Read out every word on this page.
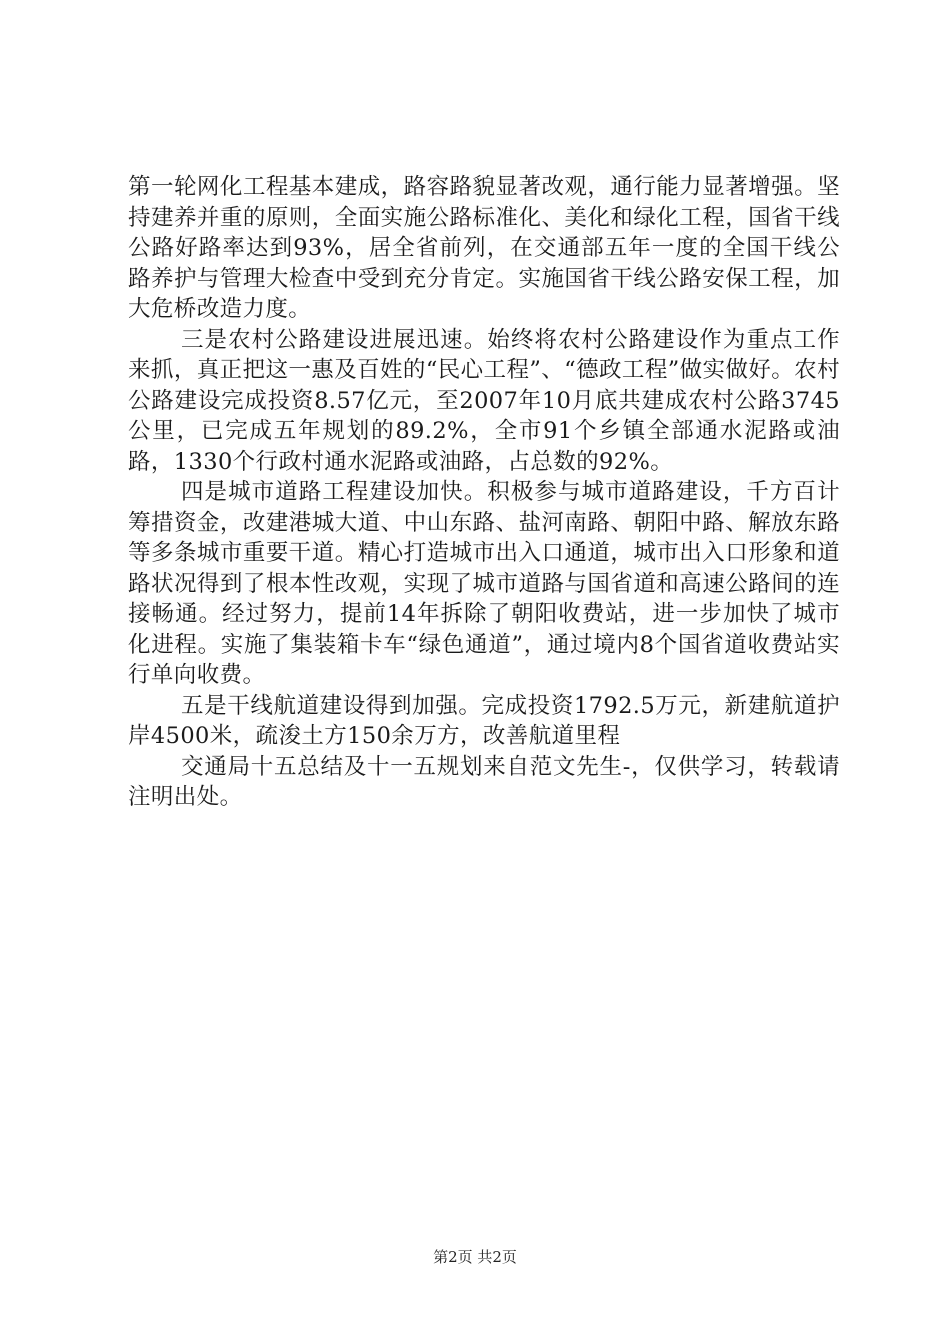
第一轮网化工程基本建成，路容路貌显著改观，通行能力显著增强。坚持建养并重的原则，全面实施公路标准化、美化和绿化工程，国省干线公路好路率达到93%，居全省前列，在交通部五年一度的全国干线公路养护与管理大检查中受到充分肯定。实施国省干线公路安保工程，加大危桥改造力度。

三是农村公路建设进展迅速。始终将农村公路建设作为重点工作来抓，真正把这一惠及百姓的“民心工程”、“德政工程”做实做好。农村公路建设完成投资8.57亿元，至2007年10月底共建成农村公路3745公里，已完成五年规划的89.2%，全市91个乡镇全部通水泥路或油路，1330个行政村通水泥路或油路，占总数的92%。

四是城市道路工程建设加快。积极参与城市道路建设，千方百计筹措资金，改建港城大道、中山东路、盐河南路、朝阳中路、解放东路等多条城市重要干道。精心打造城市出入口通道，城市出入口形象和道路状况得到了根本性改观，实现了城市道路与国省道和高速公路间的连接畅通。经过努力，提前14年拆除了朝阳收费站，进一步加快了城市化进程。实施了集装箱卡车“绿色通道”，通过境内8个国省道收费站实行单向收费。

五是干线航道建设得到加强。完成投资1792.5万元，新建航道护岸4500米，疏浚土方150余万方，改善航道里程

交通局十五总结及十一五规划来自范文先生-，仅供学习，转载请注明出处。

第2页 共2页
